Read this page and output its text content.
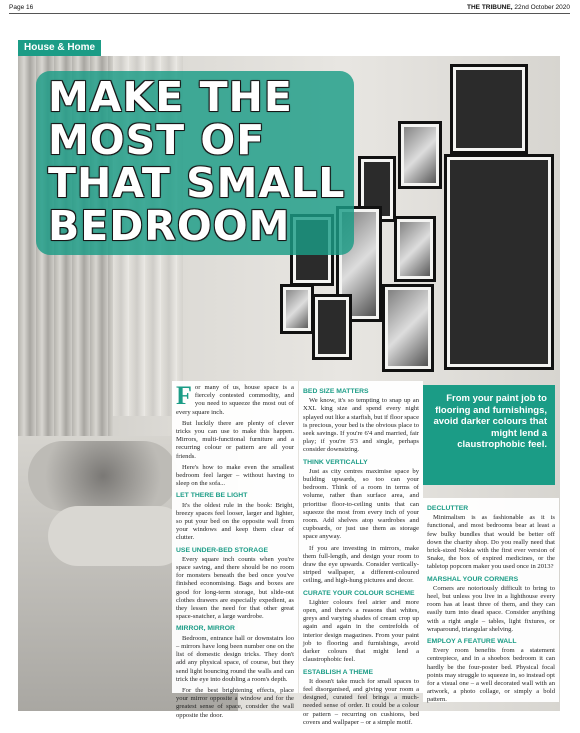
Page 16	THE TRIBUNE, 22nd October 2020
House & Home
MAKE THE MOST OF THAT SMALL BEDROOM

For many of us, house space is a fiercely contested commodity, and you need to squeeze the most out of every square inch.

But luckily there are plenty of clever tricks you can use to make this happen. Mirrors, multi-functional furniture and a recurring colour or pattern are all your friends.

Here's how to make even the smallest bedroom feel larger – without having to sleep on the sofa...

LET THERE BE LIGHT

It's the oldest rule in the book: Bright, breezy spaces feel looser, larger and lighter, so put your bed on the opposite wall from your windows and keep them clear of clutter.

USE UNDER-BED STORAGE

Every square inch counts when you're space saving, and there should be no room for monsters beneath the bed once you've finished economising. Bags and boxes are good for long-term storage, but slide-out clothes drawers are especially expedient, as they lessen the need for that other great space-snatcher, a large wardrobe.

MIRROR, MIRROR

Bedroom, entrance hall or downstairs loo – mirrors have long been number one on the list of domestic design tricks. They don't add any physical space, of course, but they send light bouncing round the walls and can trick the eye into doubling a room's depth.

For the best brightening effects, place your mirror opposite a window and for the greatest sense of space, consider the wall opposite the door.

BED SIZE MATTERS

We know, it's so tempting to snap up an XXL king size and spend every night splayed out like a starfish, but if floor space is precious, your bed is the obvious place to seek savings. If you're 6'4 and married, fair play; if you're 5'3 and single, perhaps consider downsizing.

THINK VERTICALLY

Just as city centres maximise space by building upwards, so too can your bedroom. Think of a room in terms of volume, rather than surface area, and prioritise floor-to-ceiling units that can squeeze the most from every inch of your room. Add shelves atop wardrobes and cupboards, or just use them as storage space anyway.

If you are investing in mirrors, make them full-length, and design your room to draw the eye upwards. Consider vertically-striped wallpaper, a different-coloured ceiling, and high-hung pictures and decor.

CURATE YOUR COLOUR SCHEME

Lighter colours feel airier and more open, and there's a reasons that whites, greys and varying shades of cream crop up again and again in the centrefolds of interior design magazines. From your paint job to flooring and furnishings, avoid darker colours that might lend a claustrophobic feel.

ESTABLISH A THEME

It doesn't take much for small spaces to feel disorganised, and giving your room a designed, curated feel brings a much-needed sense of order. It could be a colour or pattern – recurring on cushions, bed covers and wallpaper – or a simple motif.

From your paint job to flooring and furnishings, avoid darker colours that might lend a claustrophobic feel.
DECLUTTER

Minimalism is as fashionable as it is functional, and most bedrooms bear at least a few bulky bundles that would be better off down the charity shop. Do you really need that brick-sized Nokia with the first ever version of Snake, the box of expired medicines, or the tabletop popcorn maker you used once in 2013?

MARSHAL YOUR CORNERS

Corners are notoriously difficult to bring to heel, but unless you live in a lighthouse every room has at least three of them, and they can easily turn into dead space. Consider anything with a right angle – tables, light fixtures, or wraparound, triangular shelving.

EMPLOY A FEATURE WALL

Every room benefits from a statement centrepiece, and in a shoebox bedroom it can hardly be the four-poster bed. Physical focal points may struggle to squeeze in, so instead opt for a visual one – a well decorated wall with an artwork, a photo collage, or simply a bold pattern.
